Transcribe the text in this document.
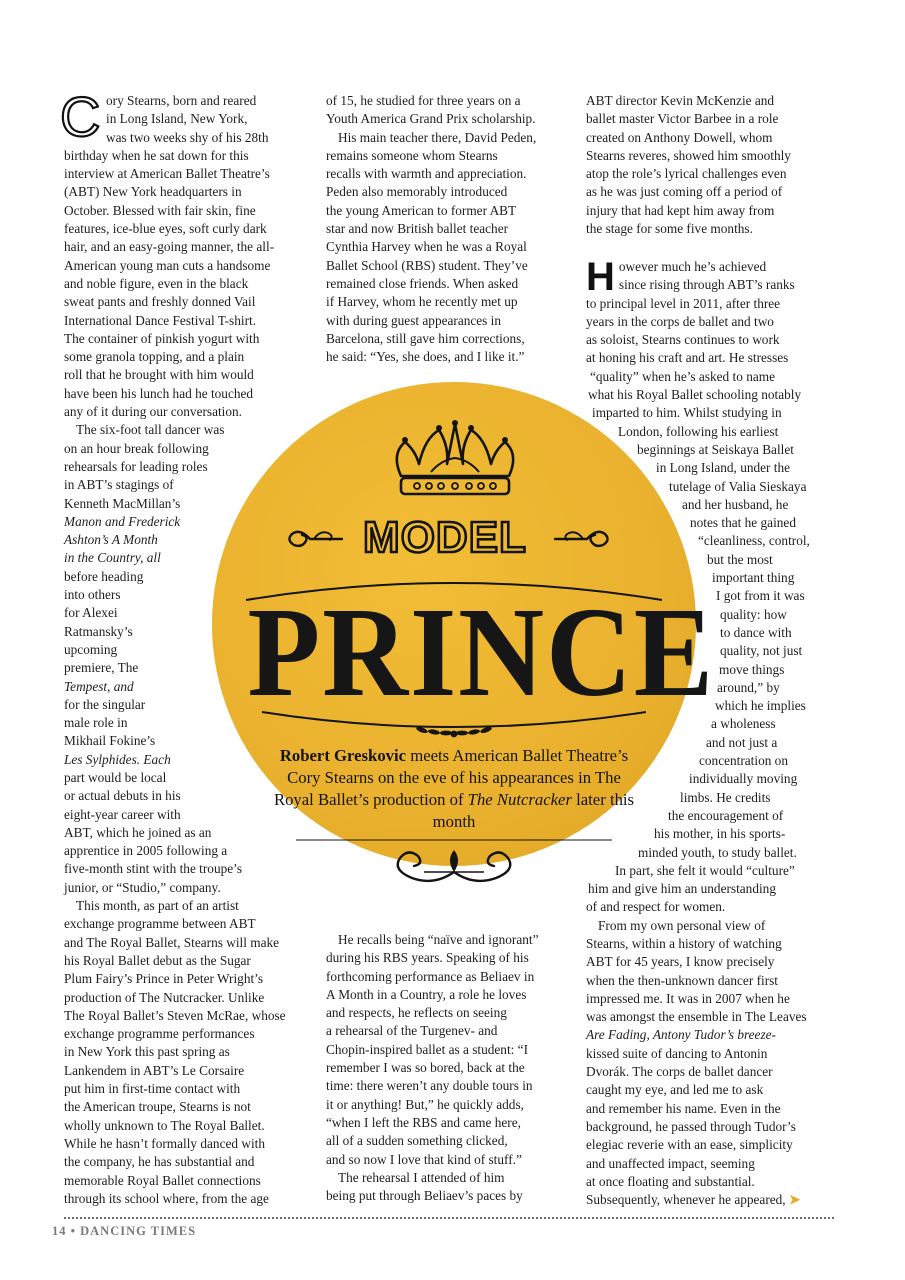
MODEL
PRINCE
Robert Greskovic meets American Ballet Theatre’s Cory Stearns on the eve of his appearances in The Royal Ballet’s production of The Nutcracker later this month
C ory Stearns, born and reared
in Long Island, New York,
was two weeks shy of his 28th
birthday when he sat down for this
interview at American Ballet Theatre’s
(ABT) New York headquarters in
October. Blessed with fair skin, fine
features, ice-blue eyes, soft curly dark
hair, and an easy-going manner, the all-
American young man cuts a handsome
and noble figure, even in the black
sweat pants and freshly donned Vail
International Dance Festival T-shirt.
The container of pinkish yogurt with
some granola topping, and a plain
roll that he brought with him would
have been his lunch had he touched
any of it during our conversation.

The six-foot tall dancer was
on an hour break following
rehearsals for leading roles
in ABT’s stagings of
Kenneth MacMillan’s
Manon and Frederick
Ashton’s A Month
in the Country, all
before heading
into others
for Alexei
Ratmansky’s
upcoming
premiere, The
Tempest, and
for the singular
male role in
Mikhail Fokine’s
Les Sylphides. Each
part would be local
or actual debuts in his
eight-year career with
ABT, which he joined as an
apprentice in 2005 following a
five-month stint with the troupe’s
junior, or “Studio,” company.

This month, as part of an artist
exchange programme between ABT
and The Royal Ballet, Stearns will make
his Royal Ballet debut as the Sugar
Plum Fairy’s Prince in Peter Wright’s
production of The Nutcracker. Unlike
The Royal Ballet’s Steven McRae, whose
exchange programme performances
in New York this past spring as
Lankendem in ABT’s Le Corsaire
put him in first-time contact with
the American troupe, Stearns is not
wholly unknown to The Royal Ballet.
While he hasn’t formally danced with
the company, he has substantial and
memorable Royal Ballet connections
through its school where, from the age

of 15, he studied for three years on a
Youth America Grand Prix scholarship.
His main teacher there, David Peden,
remains someone whom Stearns
recalls with warmth and appreciation.
Peden also memorably introduced
the young American to former ABT
star and now British ballet teacher
Cynthia Harvey when he was a Royal
Ballet School (RBS) student. They’ve
remained close friends. When asked
if Harvey, whom he recently met up
with during guest appearances in
Barcelona, still gave him corrections,
he said: “Yes, she does, and I like it.”

He recalls being “naïve and ignorant”
during his RBS years. Speaking of his
forthcoming performance as Beliaev in
A Month in a Country, a role he loves
and respects, he reflects on seeing
a rehearsal of the Turgenev- and
Chopin-inspired ballet as a student: “I
remember I was so bored, back at the
time: there weren’t any double tours in
it or anything! But,” he quickly adds,
“when I left the RBS and came here,
all of a sudden something clicked,
and so now I love that kind of stuff.”
The rehearsal I attended of him
being put through Beliaev’s paces by

ABT director Kevin McKenzie and
ballet master Victor Barbee in a role
created on Anthony Dowell, whom
Stearns reveres, showed him smoothly
atop the role’s lyrical challenges even
as he was just coming off a period of
injury that had kept him away from
the stage for some five months.

H owever much he’s achieved
since rising through ABT’s ranks
to principal level in 2011, after three
years in the corps de ballet and two
as soloist, Stearns continues to work
at honing his craft and art. He stresses
“quality” when he’s asked to name
what his Royal Ballet schooling notably
imparted to him. Whilst studying in
London, following his earliest
beginnings at Seiskaya Ballet
in Long Island, under the
tutelage of Valia Sieskaya
and her husband, he
notes that he gained
“cleanliness, control,
but the most
important thing
I got from it was
quality: how
to dance with
quality, not just
move things
around,” by
which he implies
a wholeness
and not just a
concentration on
individually moving
limbs. He credits
the encouragement of
his mother, in his sports-
minded youth, to study ballet.
In part, she felt it would “culture”
him and give him an understanding
of and respect for women.

From my own personal view of
Stearns, within a history of watching
ABT for 45 years, I know precisely
when the then-unknown dancer first
impressed me. It was in 2007 when he
was amongst the ensemble in The Leaves
Are Fading, Antony Tudor’s breeze-
kissed suite of dancing to Antonin
Dvorák. The corps de ballet dancer
caught my eye, and led me to ask
and remember his name. Even in the
background, he passed through Tudor’s
elegiac reverie with an ease, simplicity
and unaffected impact, seeming
at once floating and substantial.
Subsequently, whenever he appeared, ➤

14 • DANCING TIMES
